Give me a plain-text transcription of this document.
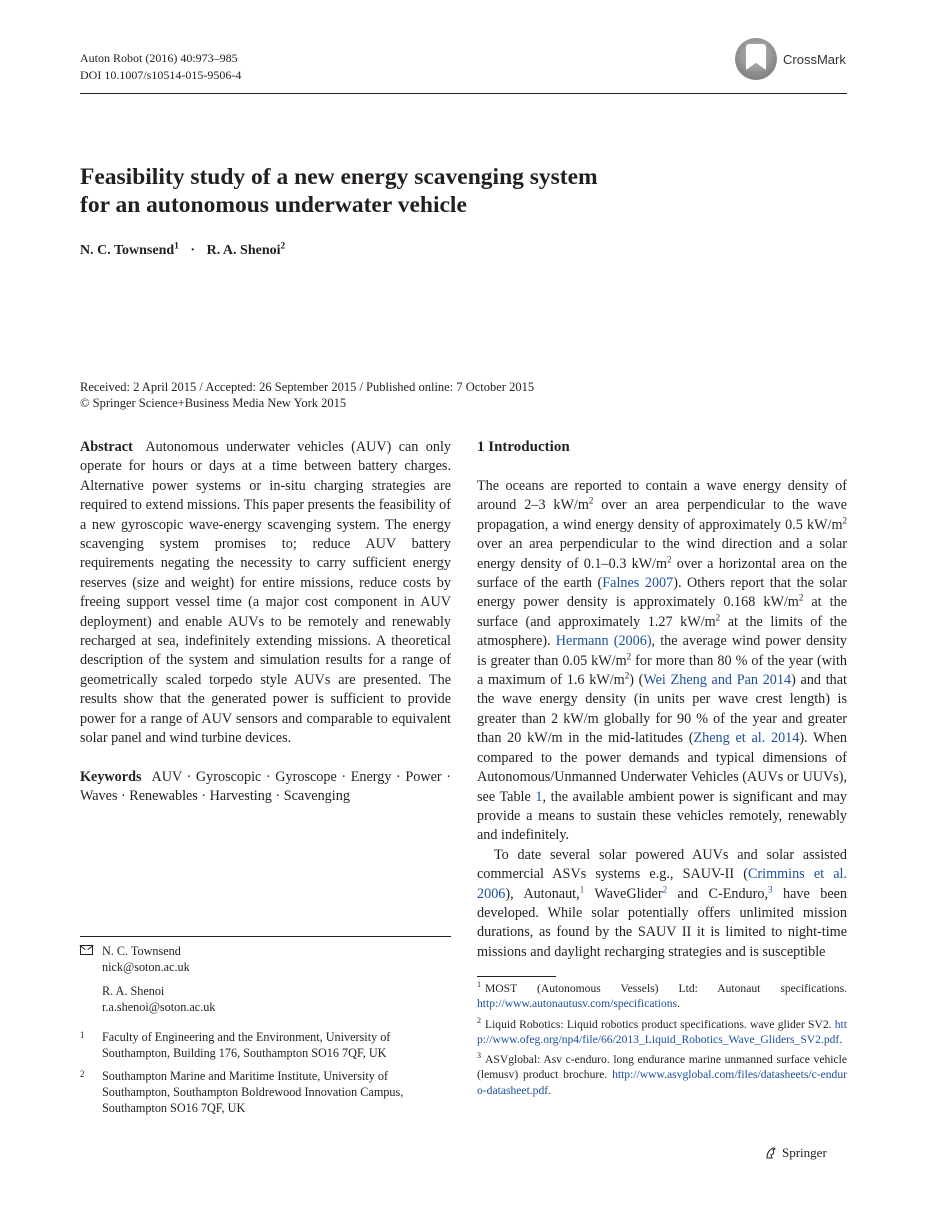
Auton Robot (2016) 40:973–985
DOI 10.1007/s10514-015-9506-4
CrossMark
Feasibility study of a new energy scavenging system
for an autonomous underwater vehicle
N. C. Townsend$^1$ · R. A. Shenoi$^2$
Received: 2 April 2015 / Accepted: 26 September 2015 / Published online: 7 October 2015
© Springer Science+Business Media New York 2015

Abstract Autonomous underwater vehicles (AUV) can only operate for hours or days at a time between battery charges. Alternative power systems or in-situ charging strategies are required to extend missions. This paper presents the feasibility of a new gyroscopic wave-energy scavenging system. The energy scavenging system promises to; reduce AUV battery requirements negating the necessity to carry sufficient energy reserves (size and weight) for entire missions, reduce costs by freeing support vessel time (a major cost component in AUV deployment) and enable AUVs to be remotely and renewably recharged at sea, indefinitely extending missions. A theoretical description of the system and simulation results for a range of geometrically scaled torpedo style AUVs are presented. The results show that the generated power is sufficient to provide power for a range of AUV sensors and comparable to equivalent solar panel and wind turbine devices.

Keywords AUV · Gyroscopic · Gyroscope · Energy · Power · Waves · Renewables · Harvesting · Scavenging

N. C. Townsend
nick@soton.ac.uk
R. A. Shenoi
r.a.shenoi@soton.ac.uk
1 Faculty of Engineering and the Environment, University of
Southampton, Building 176, Southampton SO16 7QF, UK
2 Southampton Marine and Maritime Institute, University of
Southampton, Southampton Boldrewood Innovation Campus,
Southampton SO16 7QF, UK
1 Introduction

The oceans are reported to contain a wave energy density of around 2–3 $kW/m^2$ over an area perpendicular to the wave propagation, a wind energy density of approximately 0.5 $kW/m^2$ over an area perpendicular to the wind direction and a solar energy density of 0.1–0.3 $kW/m^2$ over a horizontal area on the surface of the earth (Falnes 2007). Others report that the solar energy power density is approximately 0.168 $kW/m^2$ at the surface (and approximately 1.27 $kW/m^2$ at the limits of the atmosphere). Hermann (2006), the average wind power density is greater than 0.05 $kW/m^2$ for more than 80 % of the year (with a maximum of 1.6 $kW/m^2$) (Wei Zheng and Pan 2014) and that the wave energy density (in units per wave crest length) is greater than 2 kW/m globally for 90 % of the year and greater than 20 kW/m in the mid-latitudes (Zheng et al. 2014). When compared to the power demands and typical dimensions of Autonomous/Unmanned Underwater Vehicles (AUVs or UUVs), see Table 1, the available ambient power is significant and may provide a means to sustain these vehicles remotely, renewably and indefinitely.

To date several solar powered AUVs and solar assisted commercial ASVs systems e.g., SAUV-II (Crimmins et al. 2006), Autonaut,$^1$ WaveGlider$^2$ and C-Enduro,$^3$ have been developed. While solar potentially offers unlimited mission durations, as found by the SAUV II it is limited to night-time missions and daylight recharging strategies and is susceptible

$^1$ MOST (Autonomous Vessels) Ltd: Autonaut specifications. http://www.autonautusv.com/specifications.
$^2$ Liquid Robotics: Liquid robotics product specifications. wave glider SV2. http://www.ofeg.org/np4/file/66/2013_Liquid_Robotics_Wave_Gliders_SV2.pdf.
$^3$ ASVglobal: Asv c-enduro. long endurance marine unmanned surface vehicle (lemusv) product brochure. http://www.asvglobal.com/files/datasheets/c-enduro-datasheet.pdf.
Springer
